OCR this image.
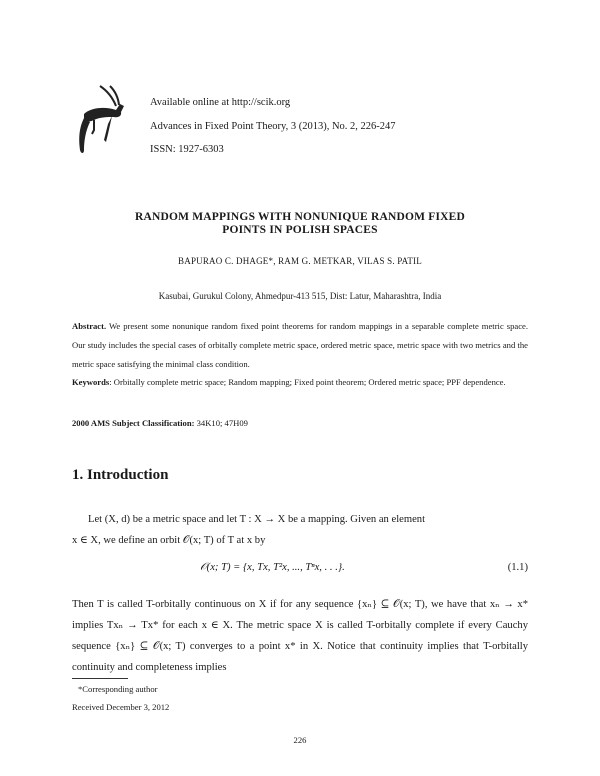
Available online at http://scik.org
Advances in Fixed Point Theory, 3 (2013), No. 2, 226-247
ISSN: 1927-6303
RANDOM MAPPINGS WITH NONUNIQUE RANDOM FIXED
POINTS IN POLISH SPACES
BAPURAO C. DHAGE*, RAM G. METKAR, VILAS S. PATIL
Kasubai, Gurukul Colony, Ahmedpur-413 515, Dist: Latur, Maharashtra, India
Abstract. We present some nonunique random fixed point theorems for random mappings in a separable complete metric space. Our study includes the special cases of orbitally complete metric space, ordered metric space, metric space with two metrics and the metric space satisfying the minimal class condition.
Keywords: Orbitally complete metric space; Random mapping; Fixed point theorem; Ordered metric space; PPF dependence.
2000 AMS Subject Classification: 34K10; 47H09
1. Introduction
Let (X, d) be a metric space and let T : X → X be a mapping. Given an element
x ∈ X, we define an orbit 𝒪(x; T) of T at x by
𝒪(x; T) = {x, Tx, T²x, ..., Tⁿx, . . .}.	(1.1)
Then T is called T-orbitally continuous on X if for any sequence {xₙ} ⊆ 𝒪(x; T), we have that xₙ → x* implies Txₙ → Tx* for each x ∈ X. The metric space X is called T-orbitally complete if every Cauchy sequence {xₙ} ⊆ 𝒪(x; T) converges to a point x* in X. Notice that continuity implies that T-orbitally continuity and completeness implies
*Corresponding author
Received December 3, 2012
226
